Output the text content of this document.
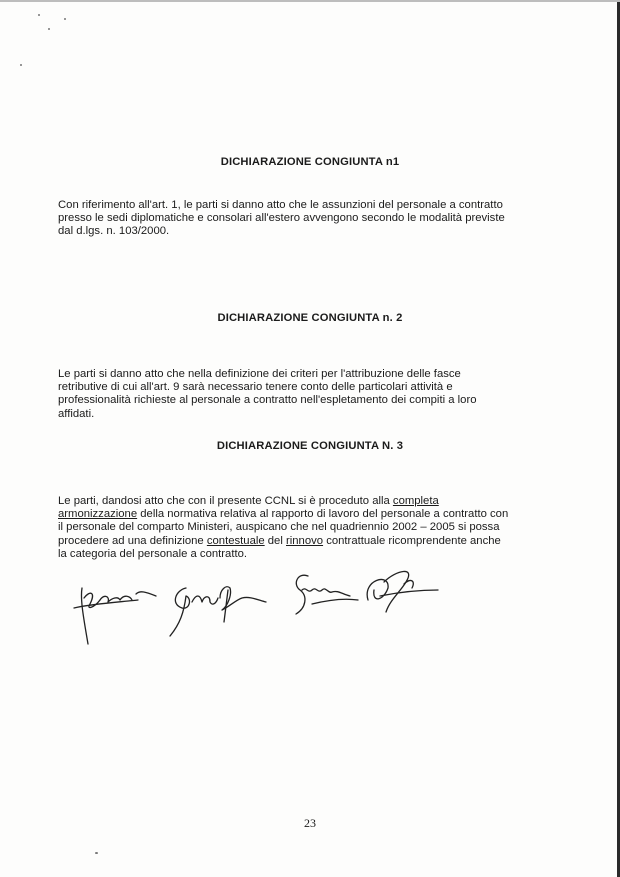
DICHIARAZIONE CONGIUNTA n1

Con riferimento all'art. 1, le parti si danno atto che le assunzioni del personale a contratto

presso le sedi diplomatiche e consolari all'estero avvengono secondo le modalità previste

dal d.lgs. n. 103/2000.

DICHIARAZIONE CONGIUNTA n. 2

Le parti si danno atto che nella definizione dei criteri per l'attribuzione delle fasce

retributive di cui all'art. 9 sarà necessario tenere conto delle particolari attività e

professionalità richieste al personale a contratto nell'espletamento dei compiti a loro

affidati.

DICHIARAZIONE CONGIUNTA N. 3

Le parti, dandosi atto che con il presente CCNL si è proceduto alla completa

armonizzazione della normativa relativa al rapporto di lavoro del personale a contratto con

il personale del comparto Ministeri, auspicano che nel quadriennio 2002 – 2005 si possa

procedere ad una definizione contestuale del rinnovo contrattuale ricomprendente anche

la categoria del personale a contratto.

23
